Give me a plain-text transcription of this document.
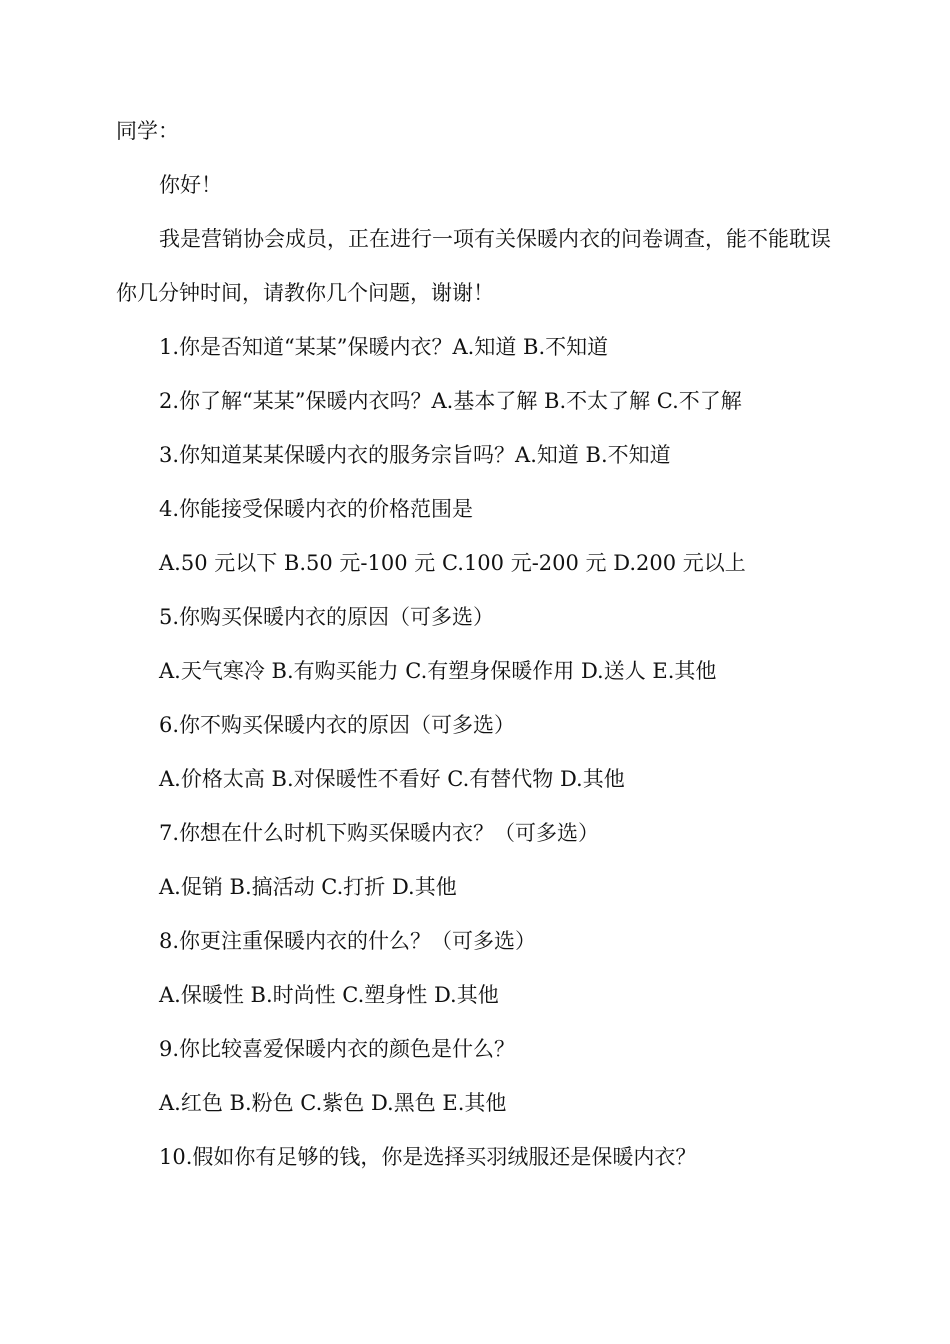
同学：

你好！

我是营销协会成员，正在进行一项有关保暖内衣的问卷调查，能不能耽误你几分钟时间，请教你几个问题，谢谢！

1.你是否知道“某某”保暖内衣？A.知道 B.不知道

2.你了解“某某”保暖内衣吗？A.基本了解 B.不太了解 C.不了解

3.你知道某某保暖内衣的服务宗旨吗？A.知道 B.不知道

4.你能接受保暖内衣的价格范围是

A.50 元以下 B.50 元-100 元 C.100 元-200 元 D.200 元以上

5.你购买保暖内衣的原因（可多选）

A.天气寒冷 B.有购买能力 C.有塑身保暖作用 D.送人 E.其他

6.你不购买保暖内衣的原因（可多选）

A.价格太高 B.对保暖性不看好 C.有替代物 D.其他

7.你想在什么时机下购买保暖内衣？（可多选）

A.促销 B.搞活动 C.打折 D.其他

8.你更注重保暖内衣的什么？（可多选）

A.保暖性 B.时尚性 C.塑身性 D.其他

9.你比较喜爱保暖内衣的颜色是什么？

A.红色 B.粉色 C.紫色 D.黑色 E.其他

10.假如你有足够的钱，你是选择买羽绒服还是保暖内衣？
